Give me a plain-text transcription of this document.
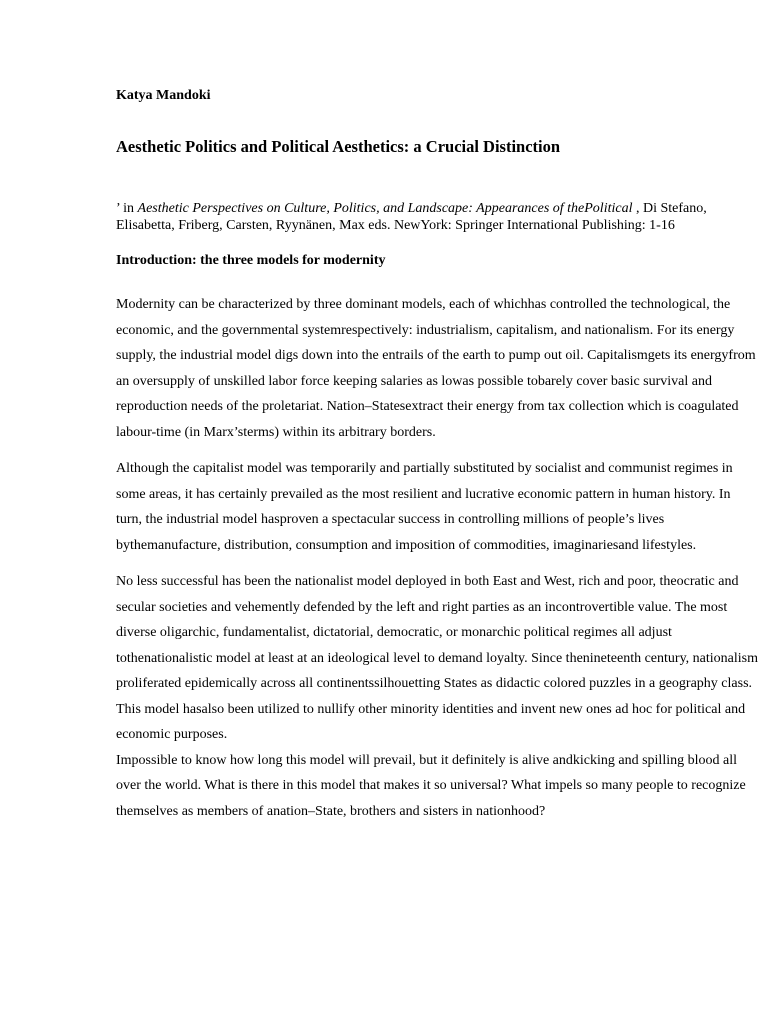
Katya Mandoki

Aesthetic Politics and Political Aesthetics: a Crucial Distinction

’ in Aesthetic Perspectives on Culture, Politics, and Landscape: Appearances of thePolitical , Di Stefano, Elisabetta, Friberg, Carsten, Ryynänen, Max eds. NewYork: Springer International Publishing: 1-16

Introduction: the three models for modernity

Modernity can be characterized by three dominant models, each of whichhas controlled the technological, the economic, and the governmental systemrespectively: industrialism, capitalism, and nationalism. For its energy supply, the industrial model digs down into the entrails of the earth to pump out oil. Capitalismgets its energyfrom an oversupply of unskilled labor force keeping salaries as lowas possible tobarely cover basic survival and reproduction needs of the proletariat. Nation–Statesextract their energy from tax collection which is coagulated labour-time (in Marx’sterms) within its arbitrary borders.

Although the capitalist model was temporarily and partially substituted by socialist and communist regimes in some areas, it has certainly prevailed as the most resilient and lucrative economic pattern in human history. In turn, the industrial model hasproven a spectacular success in controlling millions of people’s lives bythemanufacture, distribution, consumption and imposition of commodities, imaginariesand lifestyles.

No less successful has been the nationalist model deployed in both East and West, rich and poor, theocratic and secular societies and vehemently defended by the left and right parties as an incontrovertible value. The most diverse oligarchic, fundamentalist, dictatorial, democratic, or monarchic political regimes all adjust tothenationalistic model at least at an ideological level to demand loyalty. Since thenineteenth century, nationalism proliferated epidemically across all continentssilhouetting States as didactic colored puzzles in a geography class. This model hasalso been utilized to nullify other minority identities and invent new ones ad hoc for political and economic purposes.

Impossible to know how long this model will prevail, but it definitely is alive andkicking and spilling blood all over the world. What is there in this model that makes it so universal? What impels so many people to recognize themselves as members of anation–State, brothers and sisters in nationhood?
